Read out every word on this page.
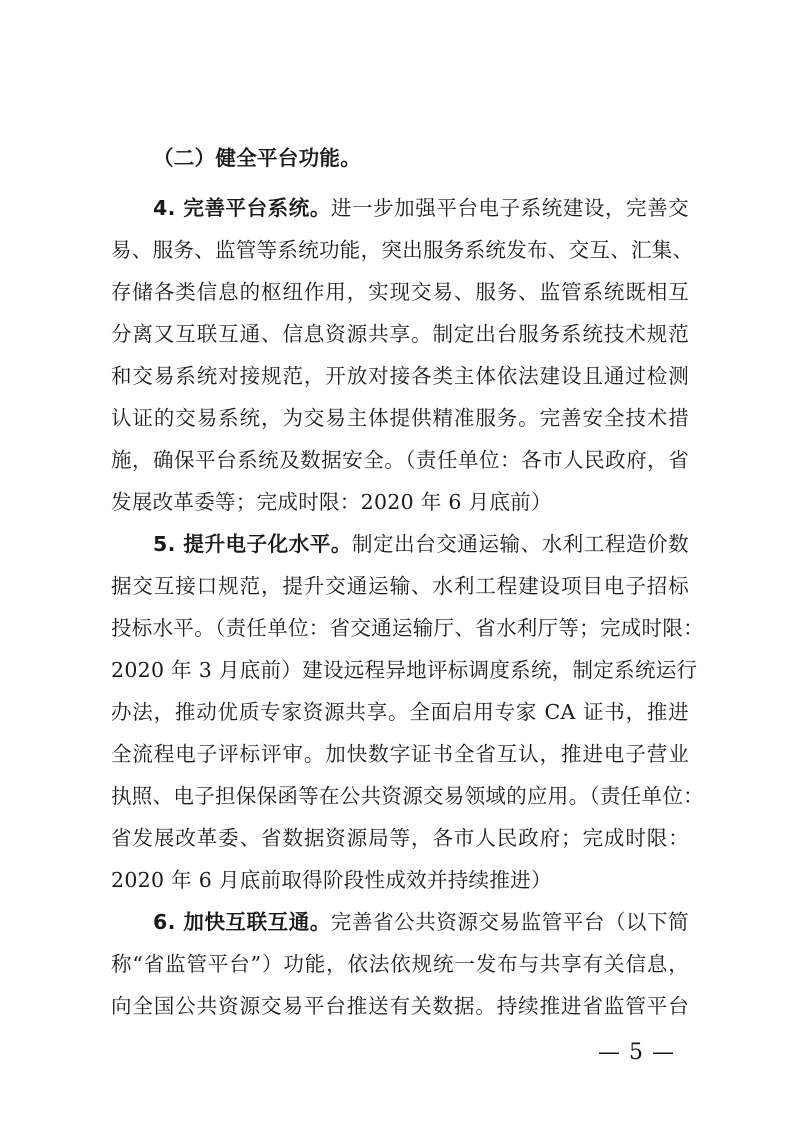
（二）健全平台功能。
4. 完善平台系统。进一步加强平台电子系统建设，完善交
易、服务、监管等系统功能，突出服务系统发布、交互、汇集、
存储各类信息的枢纽作用，实现交易、服务、监管系统既相互
分离又互联互通、信息资源共享。制定出台服务系统技术规范
和交易系统对接规范，开放对接各类主体依法建设且通过检测
认证的交易系统，为交易主体提供精准服务。完善安全技术措
施，确保平台系统及数据安全。（责任单位：各市人民政府，省
发展改革委等；完成时限：2020 年 6 月底前）
5. 提升电子化水平。制定出台交通运输、水利工程造价数
据交互接口规范，提升交通运输、水利工程建设项目电子招标
投标水平。（责任单位：省交通运输厅、省水利厅等；完成时限：
2020 年 3 月底前）建设远程异地评标调度系统，制定系统运行
办法，推动优质专家资源共享。全面启用专家 CA 证书，推进
全流程电子评标评审。加快数字证书全省互认，推进电子营业
执照、电子担保保函等在公共资源交易领域的应用。（责任单位：
省发展改革委、省数据资源局等，各市人民政府；完成时限：
2020 年 6 月底前取得阶段性成效并持续推进）
6. 加快互联互通。完善省公共资源交易监管平台（以下简
称“省监管平台”）功能，依法依规统一发布与共享有关信息，
向全国公共资源交易平台推送有关数据。持续推进省监管平台
— 5 —
